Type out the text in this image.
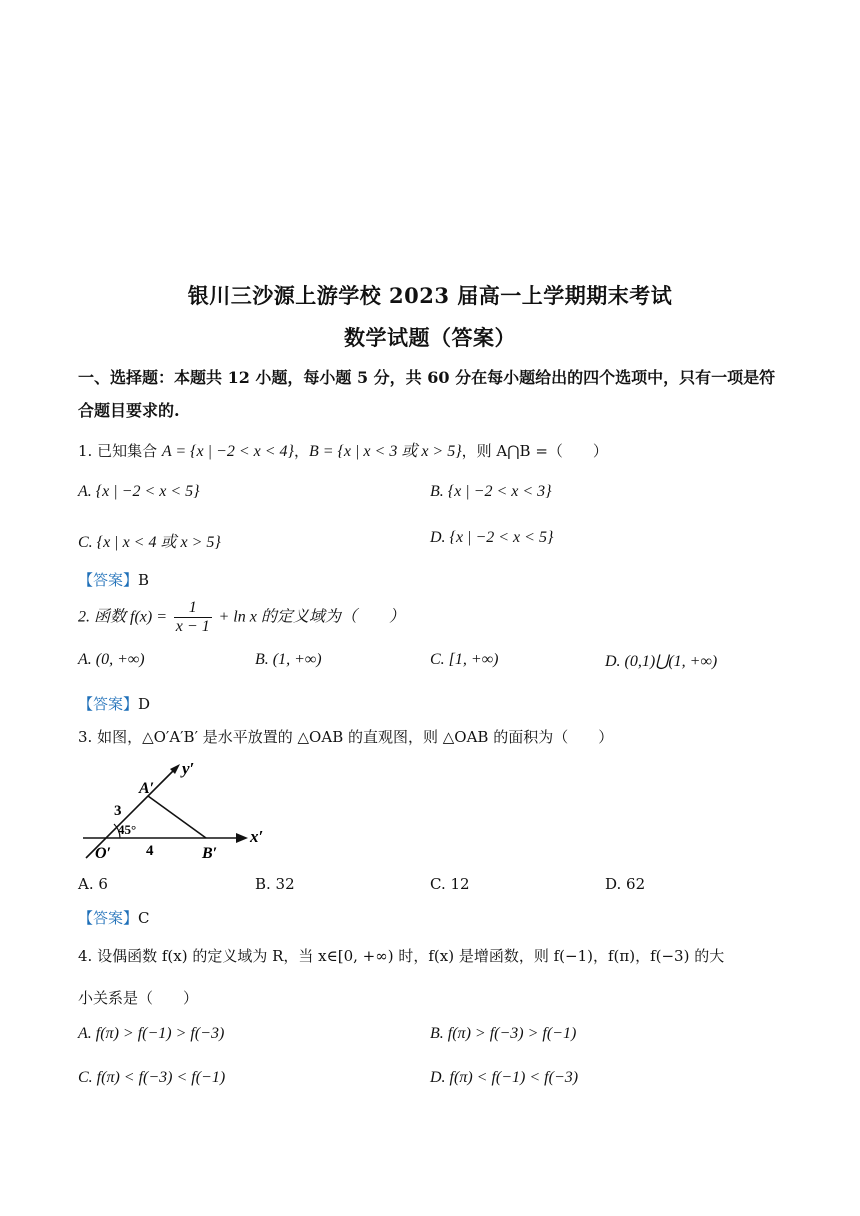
银川三沙源上游学校 2023 届高一上学期期末考试
数学试题（答案）
一、选择题：本题共 12 小题，每小题 5 分，共 60 分在每小题给出的四个选项中，只有一项是符合题目要求的.
1. 已知集合 A = {x | −2 < x < 4}，B = {x | x < 3 或 x > 5}，则 A⋂B =（　　）
A. {x | −2 < x < 5}	B. {x | −2 < x < 3}
C. {x | x < 4 或 x > 5}	D. {x | −2 < x < 5}
【答案】B
2. 函数 $f(x) = \frac{1}{x - 1} + \ln x$ 的定义域为（　　）
A. (0, +∞)	B. (1, +∞)	C. [1, +∞)	D. (0,1)⋃(1, +∞)
【答案】D
3. 如图，△O′A′B′ 是水平放置的 △OAB 的直观图，则 △OAB 的面积为（　　）
y′
A′
x′
O′	B′
3
4
45°
A. 6	B. 32	C. 12	D. 62
【答案】C
4. 设偶函数 f(x) 的定义域为 R，当 x∈[0, +∞) 时，f(x) 是增函数，则 f(−1)，f(π)，f(−3) 的大
小关系是（　　）
A. f(π) > f(−1) > f(−3)	B. f(π) > f(−3) > f(−1)
C. f(π) < f(−3) < f(−1)	D. f(π) < f(−1) < f(−3)
